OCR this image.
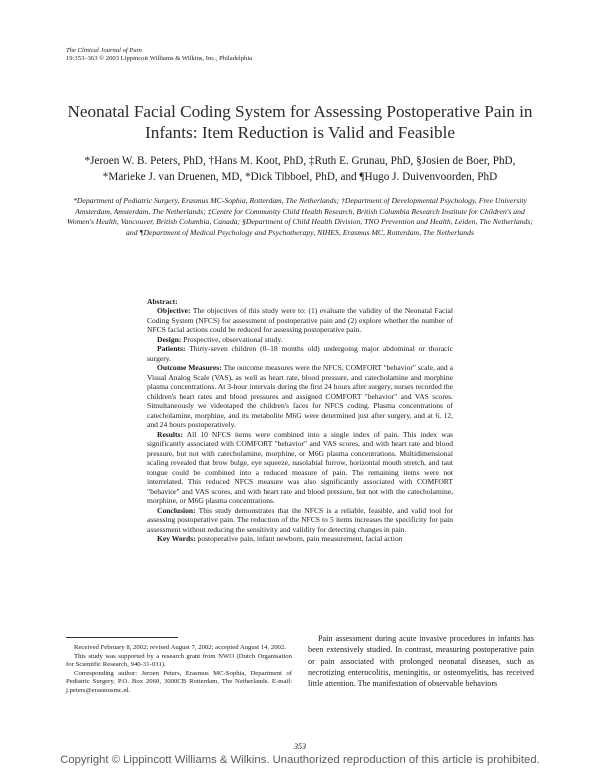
The Clinical Journal of Pain
19:353–363 © 2003 Lippincott Williams & Wilkins, Inc., Philadelphia
Neonatal Facial Coding System for Assessing Postoperative Pain in Infants: Item Reduction is Valid and Feasible
*Jeroen W. B. Peters, PhD, †Hans M. Koot, PhD, ‡Ruth E. Grunau, PhD, §Josien de Boer, PhD,
*Marieke J. van Druenen, MD, *Dick Tibboel, PhD, and ¶Hugo J. Duivenvoorden, PhD
*Department of Pediatric Surgery, Erasmus MC-Sophia, Rotterdam, The Netherlands; †Department of Developmental Psychology, Free University Amsterdam, Amsterdam, The Netherlands; ‡Centre for Community Child Health Research, British Columbia Research Institute for Children's and Women's Health, Vancouver, British Columbia, Canada; §Department of Child Health Division, TNO Prevention and Health, Leiden, The Netherlands; and ¶Department of Medical Psychology and Psychotherapy, NIHES, Erasmus MC, Rotterdam, The Netherlands

Abstract:

Objective: The objectives of this study were to: (1) evaluate the validity of the Neonatal Facial Coding System (NFCS) for assessment of postoperative pain and (2) explore whether the number of NFCS facial actions could be reduced for assessing postoperative pain.

Design: Prospective, observational study.

Patients: Thirty-seven children (0–18 months old) undergoing major abdominal or thoracic surgery.

Outcome Measures: The outcome measures were the NFCS, COMFORT "behavior" scale, and a Visual Analog Scale (VAS), as well as heart rate, blood pressure, and catecholamine and morphine plasma concentrations. At 3-hour intervals during the first 24 hours after surgery, nurses recorded the children's heart rates and blood pressures and assigned COMFORT "behavior" and VAS scores. Simultaneously we videotaped the children's faces for NFCS coding. Plasma concentrations of catecholamine, morphine, and its metabolite M6G were determined just after surgery, and at 6, 12, and 24 hours postoperatively.

Results: All 10 NFCS items were combined into a single index of pain. This index was significantly associated with COMFORT "behavior" and VAS scores, and with heart rate and blood pressure, but not with catecholamine, morphine, or M6G plasma concentrations. Multidimensional scaling revealed that brow bulge, eye squeeze, nasolabial furrow, horizontal mouth stretch, and taut tongue could be combined into a reduced measure of pain. The remaining items were not interrelated. This reduced NFCS measure was also significantly associated with COMFORT "behavior" and VAS scores, and with heart rate and blood pressure, but not with the catecholamine, morphine, or M6G plasma concentrations.

Conclusion: This study demonstrates that the NFCS is a reliable, feasible, and valid tool for assessing postoperative pain. The reduction of the NFCS to 5 items increases the specificity for pain assessment without reducing the sensitivity and validity for detecting changes in pain.

Key Words: postoperative pain, infant newborn, pain measurement, facial action

Received February 8, 2002; revised August 7, 2002; accepted August 14, 2002.

This study was supported by a research grant from NWO (Dutch Organisation for Scientific Research, 940-31-031).

Corresponding author: Jeroen Peters, Erasmus MC-Sophia, Department of Pediatric Surgery, P.O. Box 2060, 3000CB Rotterdam, The Netherlands. E-mail: j.peters@erasmusmc.nl.

Pain assessment during acute invasive procedures in infants has been extensively studied. In contrast, measuring postoperative pain or pain associated with prolonged neonatal diseases, such as necrotizing enterocolitis, meningitis, or osteomyelitis, has received little attention. The manifestation of observable behaviors

353
Copyright © Lippincott Williams & Wilkins. Unauthorized reproduction of this article is prohibited.
